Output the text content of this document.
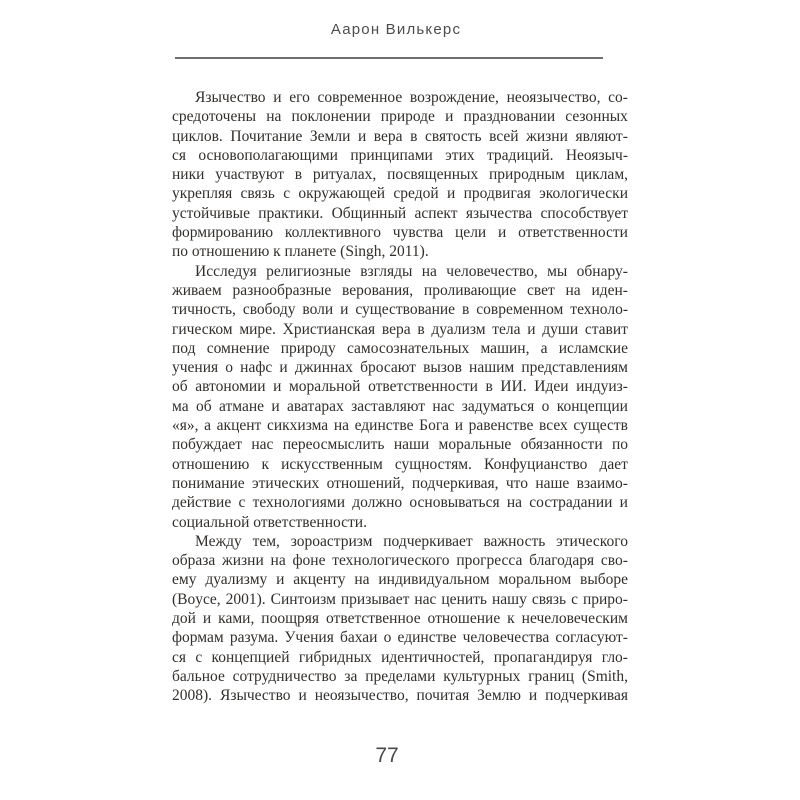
Аарон Вилькерс
Язычество и его современное возрождение, неоязычество, со-
средоточены на поклонении природе и праздновании сезонных
циклов. Почитание Земли и вера в святость всей жизни являют-
ся основополагающими принципами этих традиций. Неоязыч-
ники участвуют в ритуалах, посвященных природным циклам,
укрепляя связь с окружающей средой и продвигая экологически
устойчивые практики. Общинный аспект язычества способствует
формированию коллективного чувства цели и ответственности
по отношению к планете (Singh, 2011).
Исследуя религиозные взгляды на человечество, мы обнару-
живаем разнообразные верования, проливающие свет на иден-
тичность, свободу воли и существование в современном техноло-
гическом мире. Христианская вера в дуализм тела и души ставит
под сомнение природу самосознательных машин, а исламские
учения о нафс и джиннах бросают вызов нашим представлениям
об автономии и моральной ответственности в ИИ. Идеи индуиз-
ма об атмане и аватарах заставляют нас задуматься о концепции
«я», а акцент сикхизма на единстве Бога и равенстве всех существ
побуждает нас переосмыслить наши моральные обязанности по
отношению к искусственным сущностям. Конфуцианство дает
понимание этических отношений, подчеркивая, что наше взаимо-
действие с технологиями должно основываться на сострадании и
социальной ответственности.
Между тем, зороастризм подчеркивает важность этического
образа жизни на фоне технологического прогресса благодаря сво-
ему дуализму и акценту на индивидуальном моральном выборе
(Boyce, 2001). Синтоизм призывает нас ценить нашу связь с приро-
дой и ками, поощряя ответственное отношение к нечеловеческим
формам разума. Учения бахаи о единстве человечества согласуют-
ся с концепцией гибридных идентичностей, пропагандируя гло-
бальное сотрудничество за пределами культурных границ (Smith,
2008). Язычество и неоязычество, почитая Землю и подчеркивая
77
